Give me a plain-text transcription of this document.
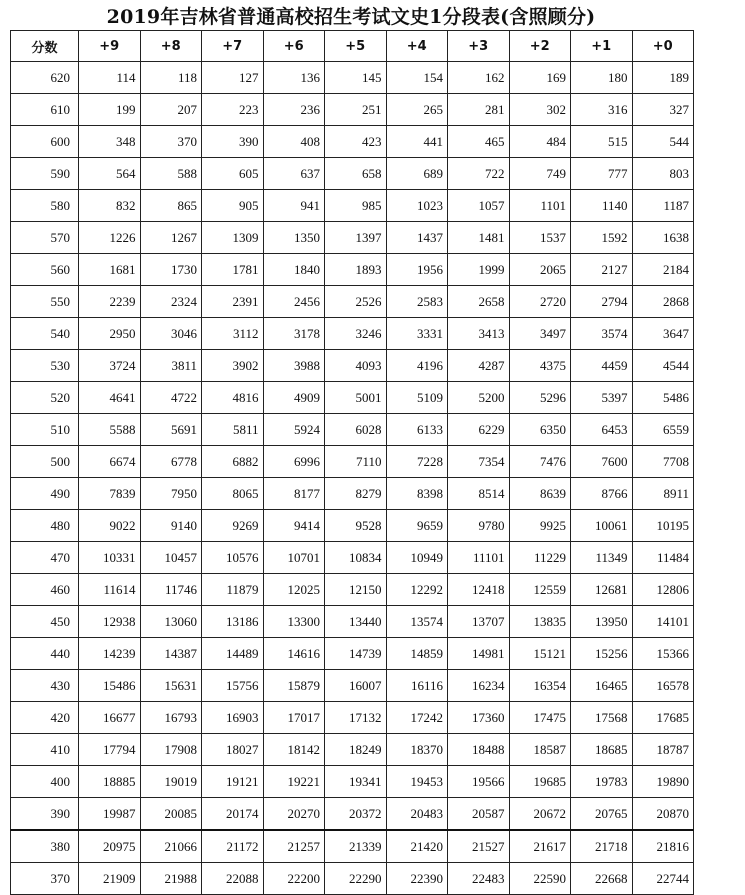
2019年吉林省普通高校招生考试文史1分段表(含照顾分)
分数	+9	+8	+7	+6	+5	+4	+3	+2	+1	+0
620	114	118	127	136	145	154	162	169	180	189
610	199	207	223	236	251	265	281	302	316	327
600	348	370	390	408	423	441	465	484	515	544
590	564	588	605	637	658	689	722	749	777	803
580	832	865	905	941	985	1023	1057	1101	1140	1187
570	1226	1267	1309	1350	1397	1437	1481	1537	1592	1638
560	1681	1730	1781	1840	1893	1956	1999	2065	2127	2184
550	2239	2324	2391	2456	2526	2583	2658	2720	2794	2868
540	2950	3046	3112	3178	3246	3331	3413	3497	3574	3647
530	3724	3811	3902	3988	4093	4196	4287	4375	4459	4544
520	4641	4722	4816	4909	5001	5109	5200	5296	5397	5486
510	5588	5691	5811	5924	6028	6133	6229	6350	6453	6559
500	6674	6778	6882	6996	7110	7228	7354	7476	7600	7708
490	7839	7950	8065	8177	8279	8398	8514	8639	8766	8911
480	9022	9140	9269	9414	9528	9659	9780	9925	10061	10195
470	10331	10457	10576	10701	10834	10949	11101	11229	11349	11484
460	11614	11746	11879	12025	12150	12292	12418	12559	12681	12806
450	12938	13060	13186	13300	13440	13574	13707	13835	13950	14101
440	14239	14387	14489	14616	14739	14859	14981	15121	15256	15366
430	15486	15631	15756	15879	16007	16116	16234	16354	16465	16578
420	16677	16793	16903	17017	17132	17242	17360	17475	17568	17685
410	17794	17908	18027	18142	18249	18370	18488	18587	18685	18787
400	18885	19019	19121	19221	19341	19453	19566	19685	19783	19890
390	19987	20085	20174	20270	20372	20483	20587	20672	20765	20870
380	20975	21066	21172	21257	21339	21420	21527	21617	21718	21816
370	21909	21988	22088	22200	22290	22390	22483	22590	22668	22744
